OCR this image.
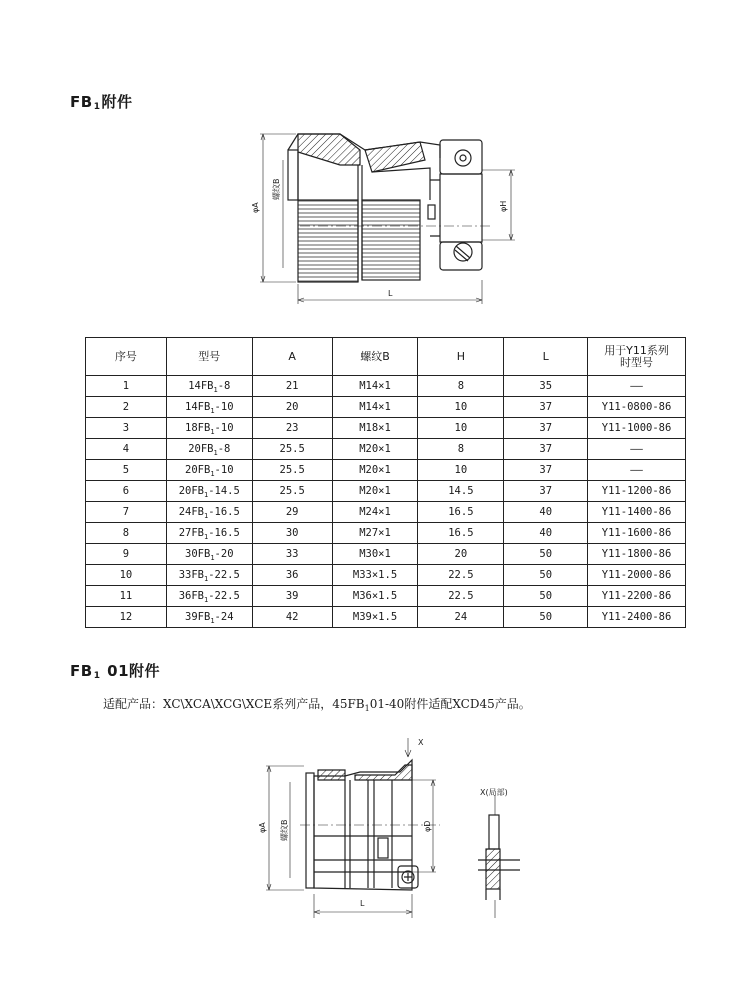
FB1附件
φA
螺纹B
φH
L
φA 螺纹B	φD
L
X
X(局部)
序号	型号	A	螺纹B	H	L	用于Y11系列
时型号
1	$14FB_1-8$	21	M14×1	8	35	——
2	$14FB_1-10$	20	M14×1	10	37	Y11-0800-86
3	$18FB_1-10$	23	M18×1	10	37	Y11-1000-86
4	$20FB_1-8$	25.5	M20×1	8	37	——
5	$20FB_1-10$	25.5	M20×1	10	37	——
6	$20FB_1-14.5$	25.5	M20×1	14.5	37	Y11-1200-86
7	$24FB_1-16.5$	29	M24×1	16.5	40	Y11-1400-86
8	$27FB_1-16.5$	30	M27×1	16.5	40	Y11-1600-86
9	$30FB_1-20$	33	M30×1	20	50	Y11-1800-86
10	$33FB_1-22.5$	36	M33×1.5	22.5	50	Y11-2000-86
11	$36FB_1-22.5$	39	M36×1.5	22.5	50	Y11-2200-86
12	$39FB_1-24$	42	M39×1.5	24	50	Y11-2400-86
FB1 01附件
适配产品：XC\XCA\XCG\XCE系列产品，$45FB_101-40$附件适配XCD45产品。
